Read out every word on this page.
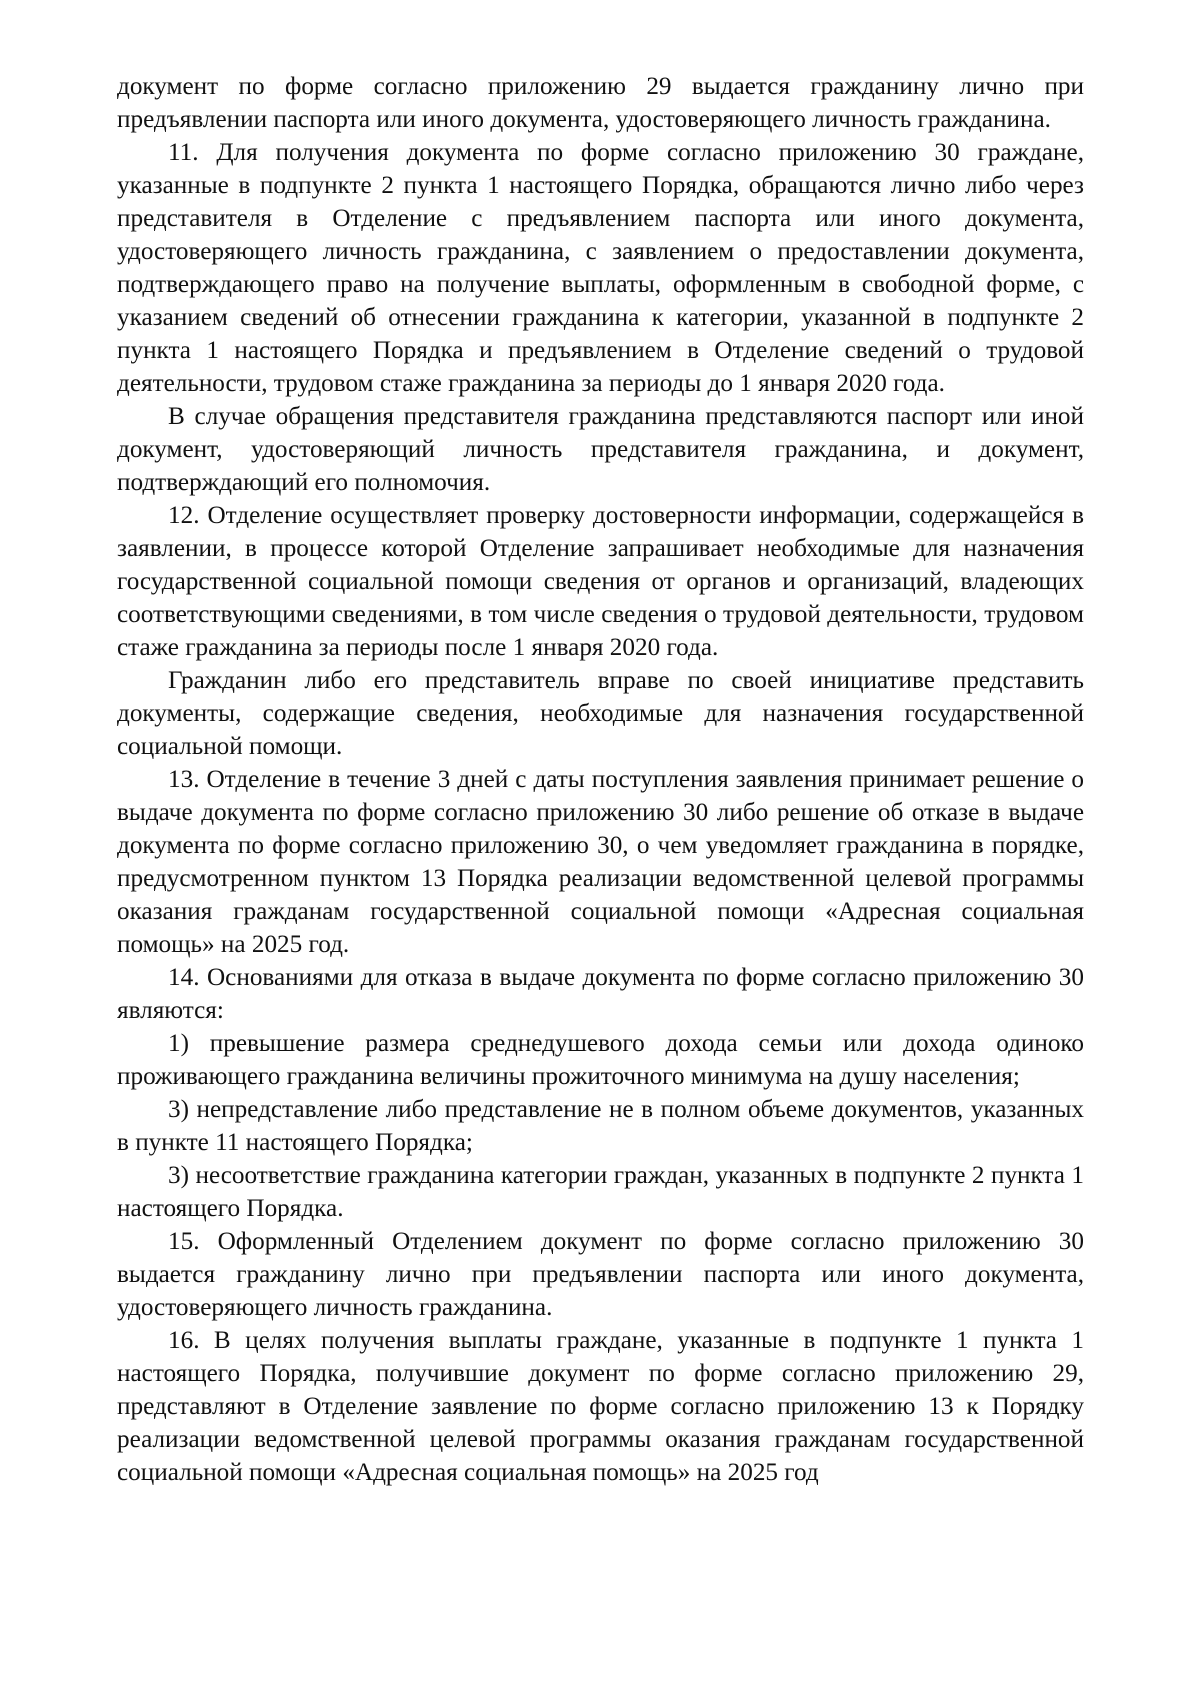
документ по форме согласно приложению 29 выдается гражданину лично при предъявлении паспорта или иного документа, удостоверяющего личность гражданина.

11. Для получения документа по форме согласно приложению 30 граждане, указанные в подпункте 2 пункта 1 настоящего Порядка, обращаются лично либо через представителя в Отделение с предъявлением паспорта или иного документа, удостоверяющего личность гражданина, с заявлением о предоставлении документа, подтверждающего право на получение выплаты, оформленным в свободной форме, с указанием сведений об отнесении гражданина к категории, указанной в подпункте 2 пункта 1 настоящего Порядка и предъявлением в Отделение сведений о трудовой деятельности, трудовом стаже гражданина за периоды до 1 января 2020 года.

В случае обращения представителя гражданина представляются паспорт или иной документ, удостоверяющий личность представителя гражданина, и документ, подтверждающий его полномочия.

12. Отделение осуществляет проверку достоверности информации, содержащейся в заявлении, в процессе которой Отделение запрашивает необходимые для назначения государственной социальной помощи сведения от органов и организаций, владеющих соответствующими сведениями, в том числе сведения о трудовой деятельности, трудовом стаже гражданина за периоды после 1 января 2020 года.

Гражданин либо его представитель вправе по своей инициативе представить документы, содержащие сведения, необходимые для назначения государственной социальной помощи.

13. Отделение в течение 3 дней с даты поступления заявления принимает решение о выдаче документа по форме согласно приложению 30 либо решение об отказе в выдаче документа по форме согласно приложению 30, о чем уведомляет гражданина в порядке, предусмотренном пунктом 13 Порядка реализации ведомственной целевой программы оказания гражданам государственной социальной помощи «Адресная социальная помощь» на 2025 год.

14. Основаниями для отказа в выдаче документа по форме согласно приложению 30 являются:

1) превышение размера среднедушевого дохода семьи или дохода одиноко проживающего гражданина величины прожиточного минимума на душу населения;

3) непредставление либо представление не в полном объеме документов, указанных в пункте 11 настоящего Порядка;

3) несоответствие гражданина категории граждан, указанных в подпункте 2 пункта 1 настоящего Порядка.

15. Оформленный Отделением документ по форме согласно приложению 30 выдается гражданину лично при предъявлении паспорта или иного документа, удостоверяющего личность гражданина.

16. В целях получения выплаты граждане, указанные в подпункте 1 пункта 1 настоящего Порядка, получившие документ по форме согласно приложению 29, представляют в Отделение заявление по форме согласно приложению 13 к Порядку реализации ведомственной целевой программы оказания гражданам государственной социальной помощи «Адресная социальная помощь» на 2025 год
